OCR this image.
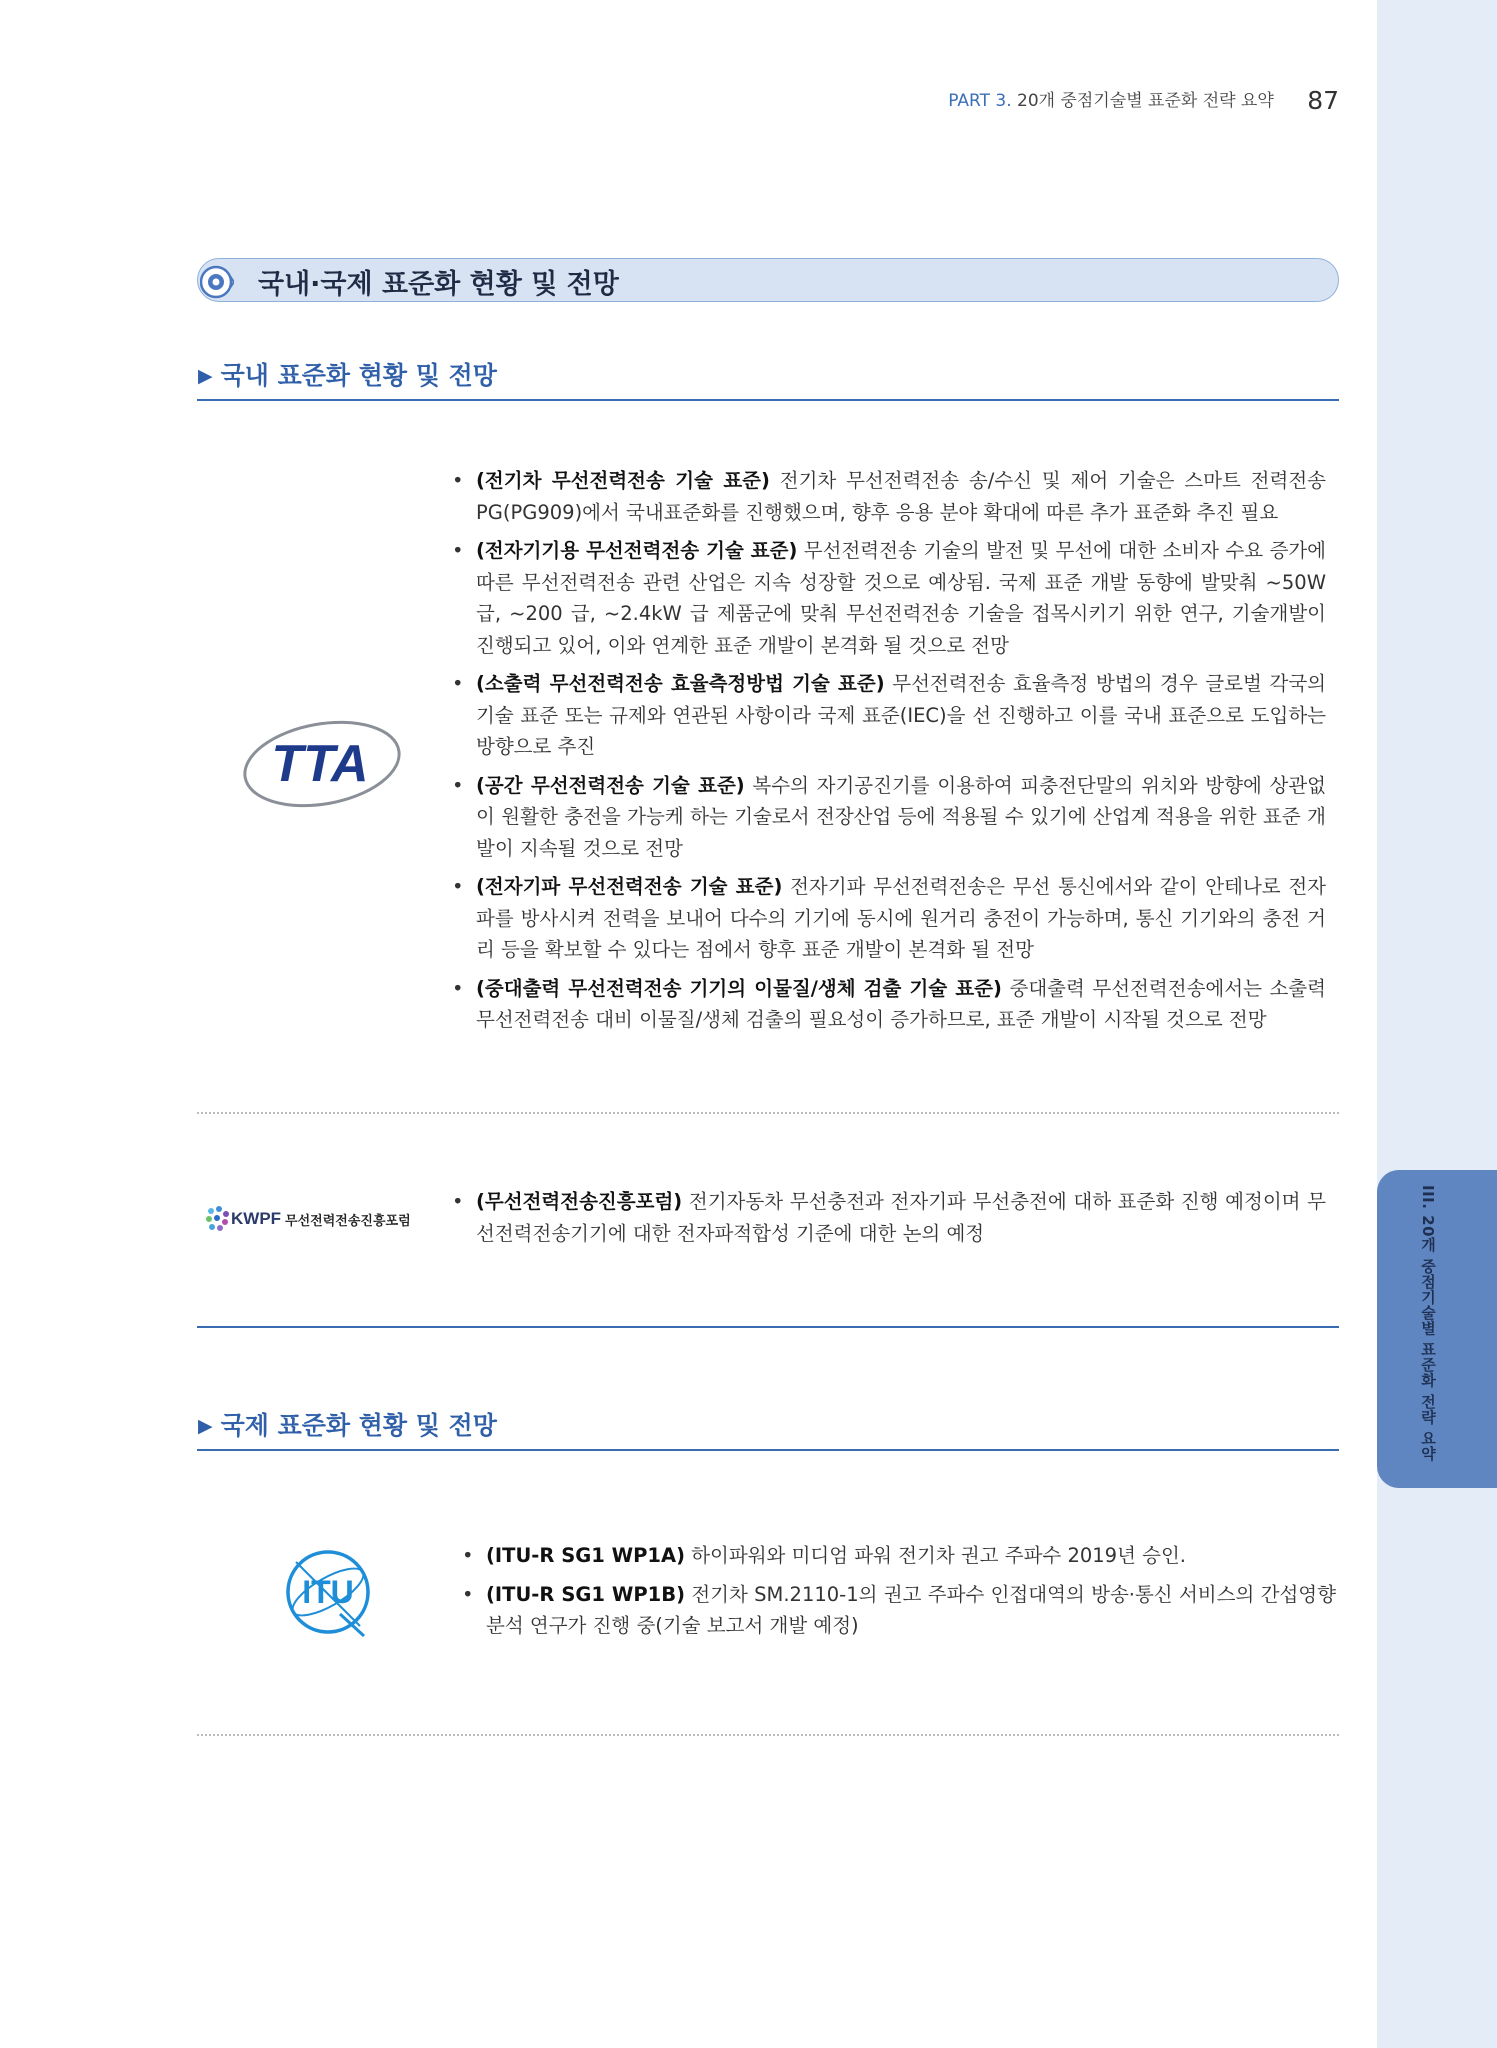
III. 20개 중점기술별 표준화 전략 요약
PART 3. 20개 중점기술별 표준화 전략 요약 87
국내·국제 표준화 현황 및 전망
▶ 국내 표준화 현황 및 전망
TTA
• (전기차 무선전력전송 기술 표준) 전기차 무선전력전송 송/수신 및 제어 기술은 스마트 전력전송 PG(PG909)에서 국내표준화를 진행했으며, 향후 응용 분야 확대에 따른 추가 표준화 추진 필요
• (전자기기용 무선전력전송 기술 표준) 무선전력전송 기술의 발전 및 무선에 대한 소비자 수요 증가에 따른 무선전력전송 관련 산업은 지속 성장할 것으로 예상됨. 국제 표준 개발 동향에 발맞춰 ~50W 급, ~200 급, ~2.4kW 급 제품군에 맞춰 무선전력전송 기술을 접목시키기 위한 연구, 기술개발이 진행되고 있어, 이와 연계한 표준 개발이 본격화 될 것으로 전망
• (소출력 무선전력전송 효율측정방법 기술 표준) 무선전력전송 효율측정 방법의 경우 글로벌 각국의 기술 표준 또는 규제와 연관된 사항이라 국제 표준(IEC)을 선 진행하고 이를 국내 표준으로 도입하는 방향으로 추진
• (공간 무선전력전송 기술 표준) 복수의 자기공진기를 이용하여 피충전단말의 위치와 방향에 상관없이 원활한 충전을 가능케 하는 기술로서 전장산업 등에 적용될 수 있기에 산업계 적용을 위한 표준 개발이 지속될 것으로 전망
• (전자기파 무선전력전송 기술 표준) 전자기파 무선전력전송은 무선 통신에서와 같이 안테나로 전자파를 방사시켜 전력을 보내어 다수의 기기에 동시에 원거리 충전이 가능하며, 통신 기기와의 충전 거리 등을 확보할 수 있다는 점에서 향후 표준 개발이 본격화 될 전망
• (중대출력 무선전력전송 기기의 이물질/생체 검출 기술 표준) 중대출력 무선전력전송에서는 소출력 무선전력전송 대비 이물질/생체 검출의 필요성이 증가하므로, 표준 개발이 시작될 것으로 전망
KWPF 무선전력전송진흥포럼
• (무선전력전송진흥포럼) 전기자동차 무선충전과 전자기파 무선충전에 대하 표준화 진행 예정이며 무선전력전송기기에 대한 전자파적합성 기준에 대한 논의 예정
▶ 국제 표준화 현황 및 전망
ITU
• (ITU-R SG1 WP1A) 하이파워와 미디엄 파워 전기차 권고 주파수 2019년 승인.
• (ITU-R SG1 WP1B) 전기차 SM.2110-1의 권고 주파수 인접대역의 방송·통신 서비스의 간섭영향 분석 연구가 진행 중(기술 보고서 개발 예정)
